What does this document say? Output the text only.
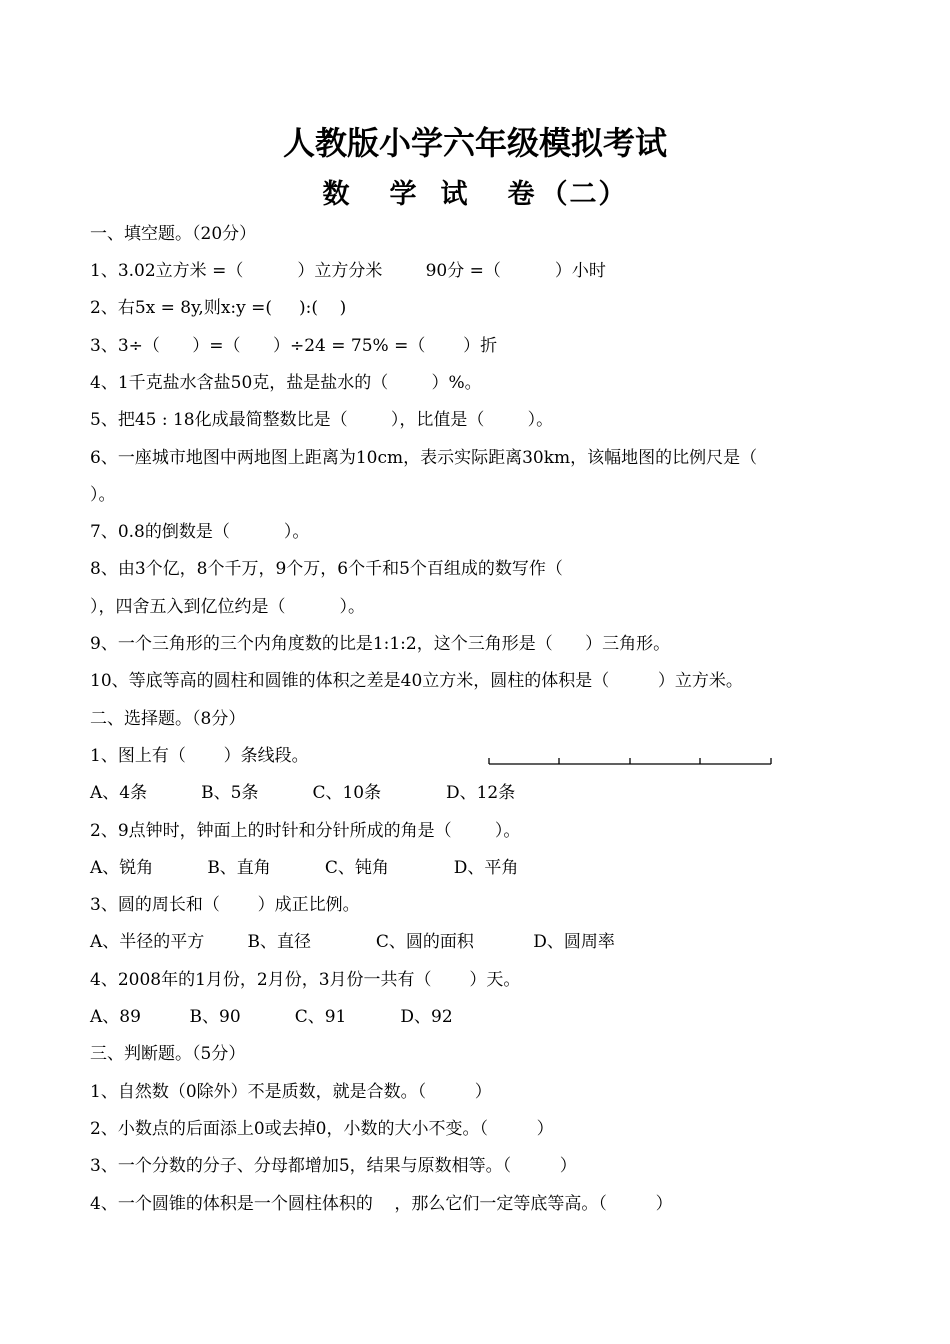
人教版小学六年级模拟考试
数 学 试 卷 （二）
一、填空题。（20分）
1、3.02立方米 =（          ）立方分米        90分 =（          ）小时
2、右5x = 8y,则x:y =(     ):(    )
3、3÷（      ）=（      ）÷24 = 75% =（       ）折
4、1千克盐水含盐50克，盐是盐水的（        ）%。
5、把45 : 18化成最简整数比是（        ），比值是（        ）。
6、一座城市地图中两地图上距离为10cm，表示实际距离30km，该幅地图的比例尺是（
）。
7、0.8的倒数是（          ）。
8、由3个亿，8个千万，9个万，6个千和5个百组成的数写作（
），四舍五入到亿位约是（          ）。
9、一个三角形的三个内角度数的比是1:1:2，这个三角形是（      ）三角形。
10、等底等高的圆柱和圆锥的体积之差是40立方米，圆柱的体积是（         ）立方米。
二、选择题。（8分）
1、图上有（       ）条线段。
A、4条          B、5条          C、10条            D、12条
2、9点钟时，钟面上的时针和分针所成的角是（        ）。
A、锐角          B、直角          C、钝角            D、平角
3、圆的周长和（       ）成正比例。
A、半径的平方        B、直径            C、圆的面积           D、圆周率
4、2008年的1月份，2月份，3月份一共有（       ）天。
A、89         B、90          C、91          D、92
三、判断题。（5分）
1、自然数（0除外）不是质数，就是合数。（         ）
2、小数点的后面添上0或去掉0，小数的大小不变。（         ）
3、一个分数的分子、分母都增加5，结果与原数相等。（         ）
4、一个圆锥的体积是一个圆柱体积的    ，那么它们一定等底等高。（         ）
